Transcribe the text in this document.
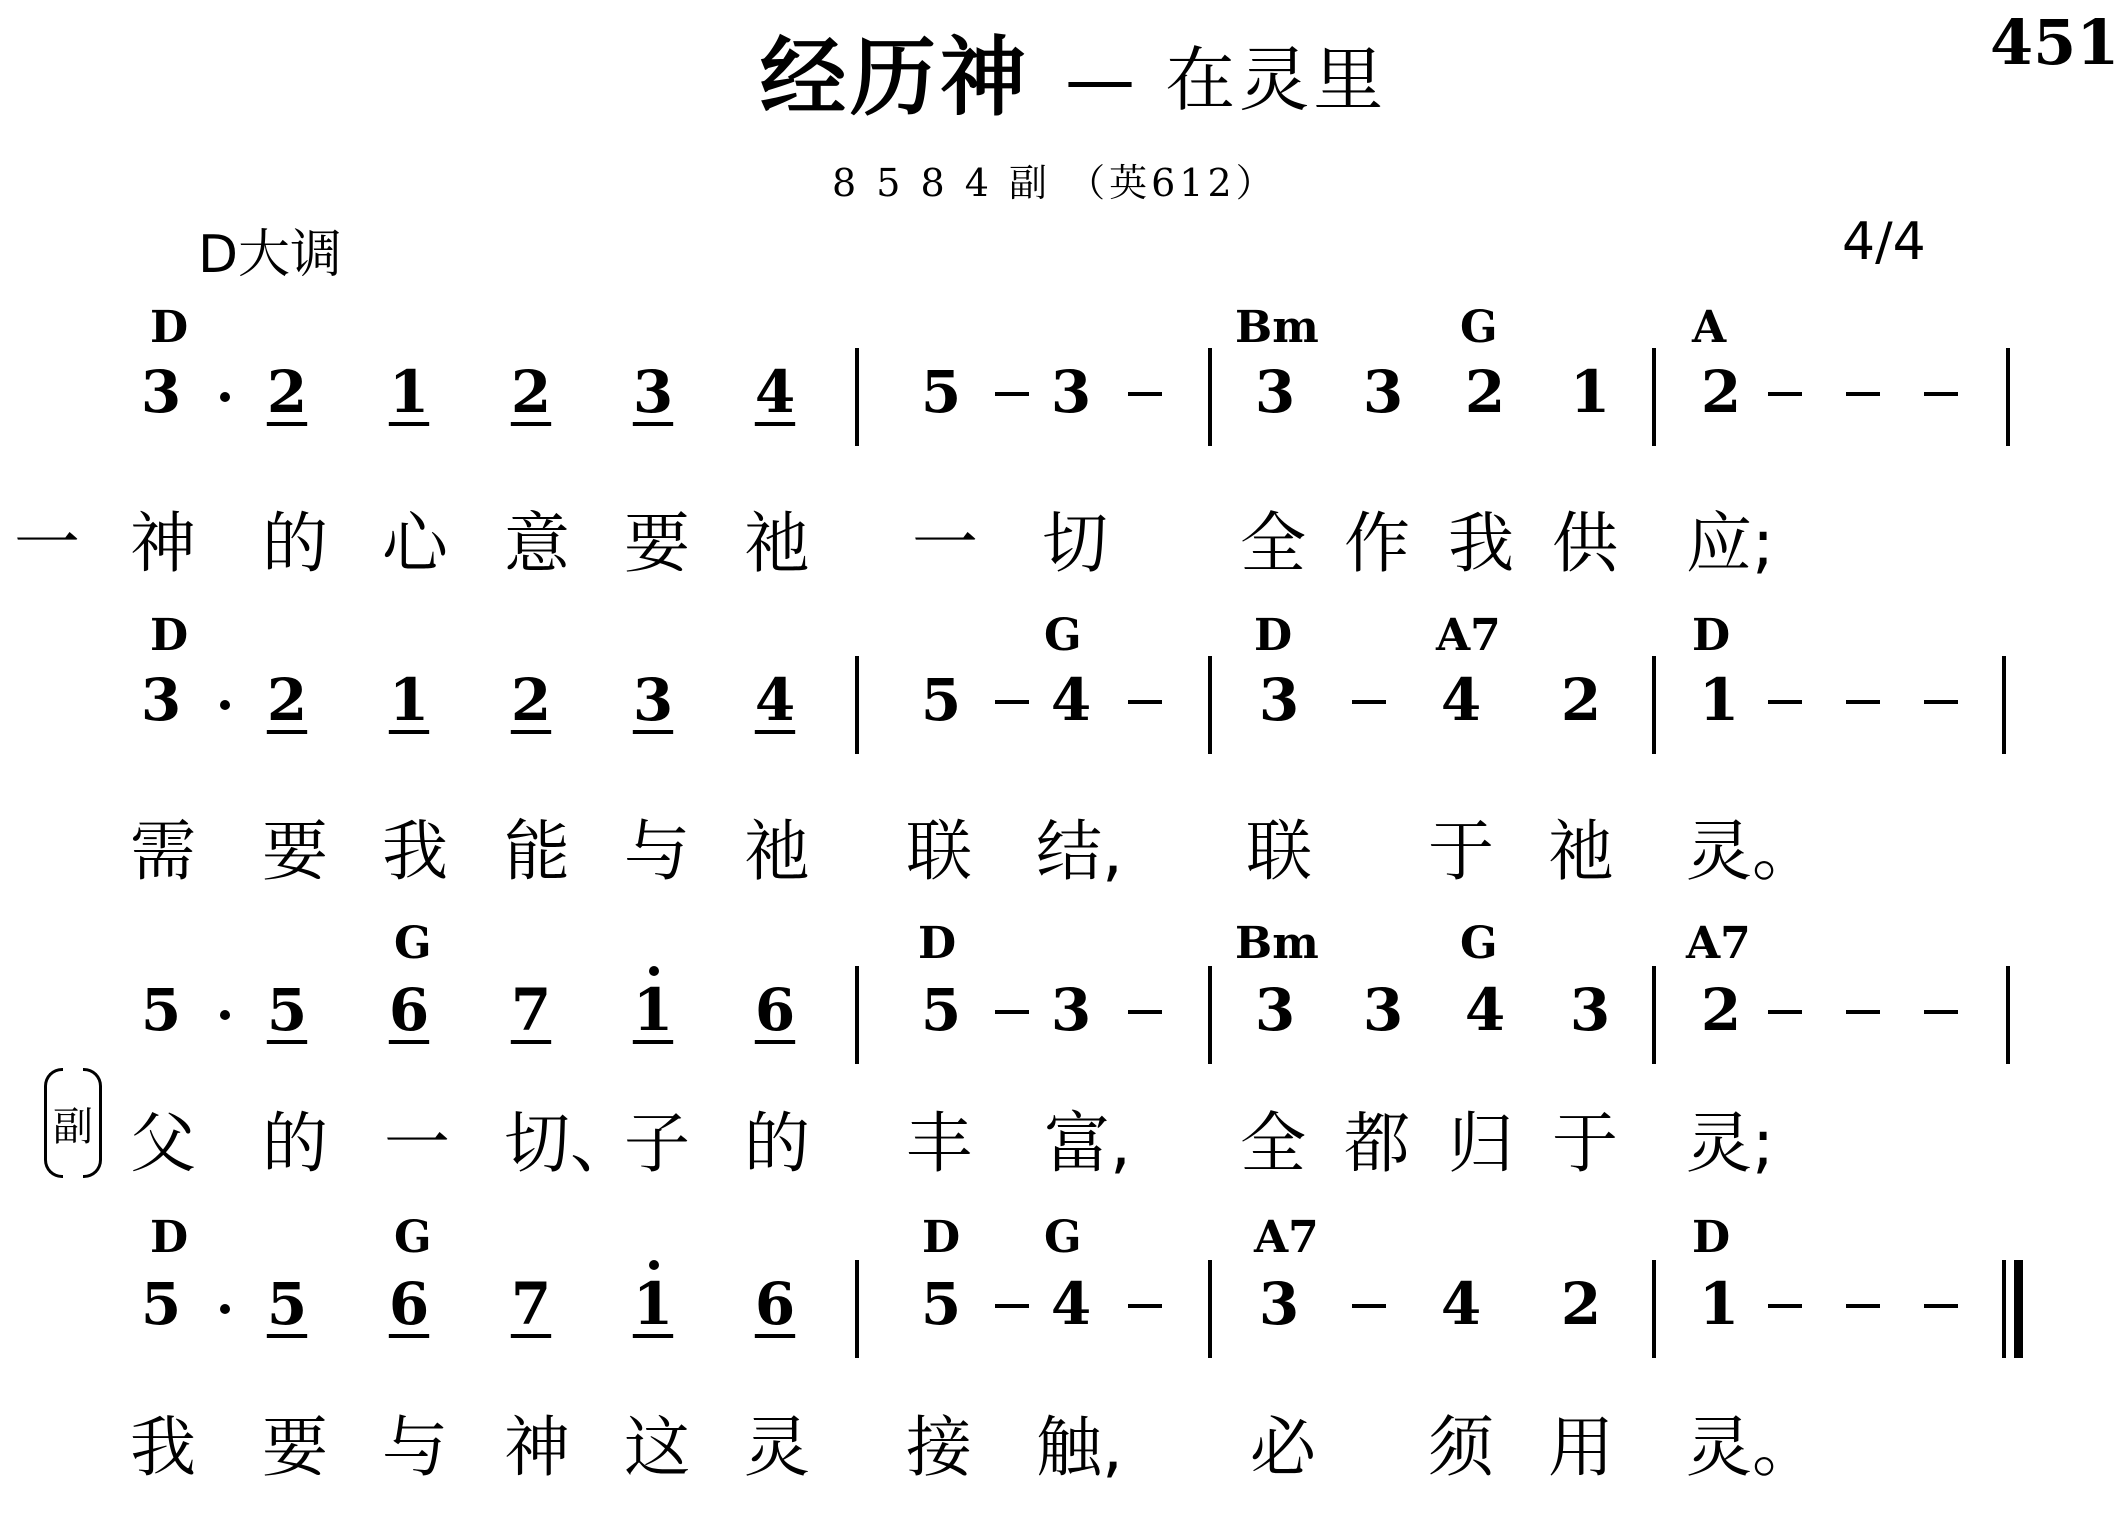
经历神 — 在灵里	451
8 5 8 4 副 （英612）
D大调	4/4
D	Bm	G	A
3 2 1 2 3 4 5 3	3 3 2 1 2
一 神 的 心 意 要 祂 一 切 全 作 我 供 应;
D	G	D	A7	D
3 2 1 2 3 4 5 4	3 4 2 1
需 要 我 能 与 祂 联 结, 联 于 祂 灵。
G	D	Bm	G	A7
5 5 6 7 1 6 5 3	3 3 4 3 2
副 父 的 一 切、
子 的 丰 富, 全 都 归 于 灵;
D	G	D G	A7	D
5 5 6 7 1 6 5 4	3 4 2 1
我 要 与 神 这 灵 接 触, 必 须 用 灵。
